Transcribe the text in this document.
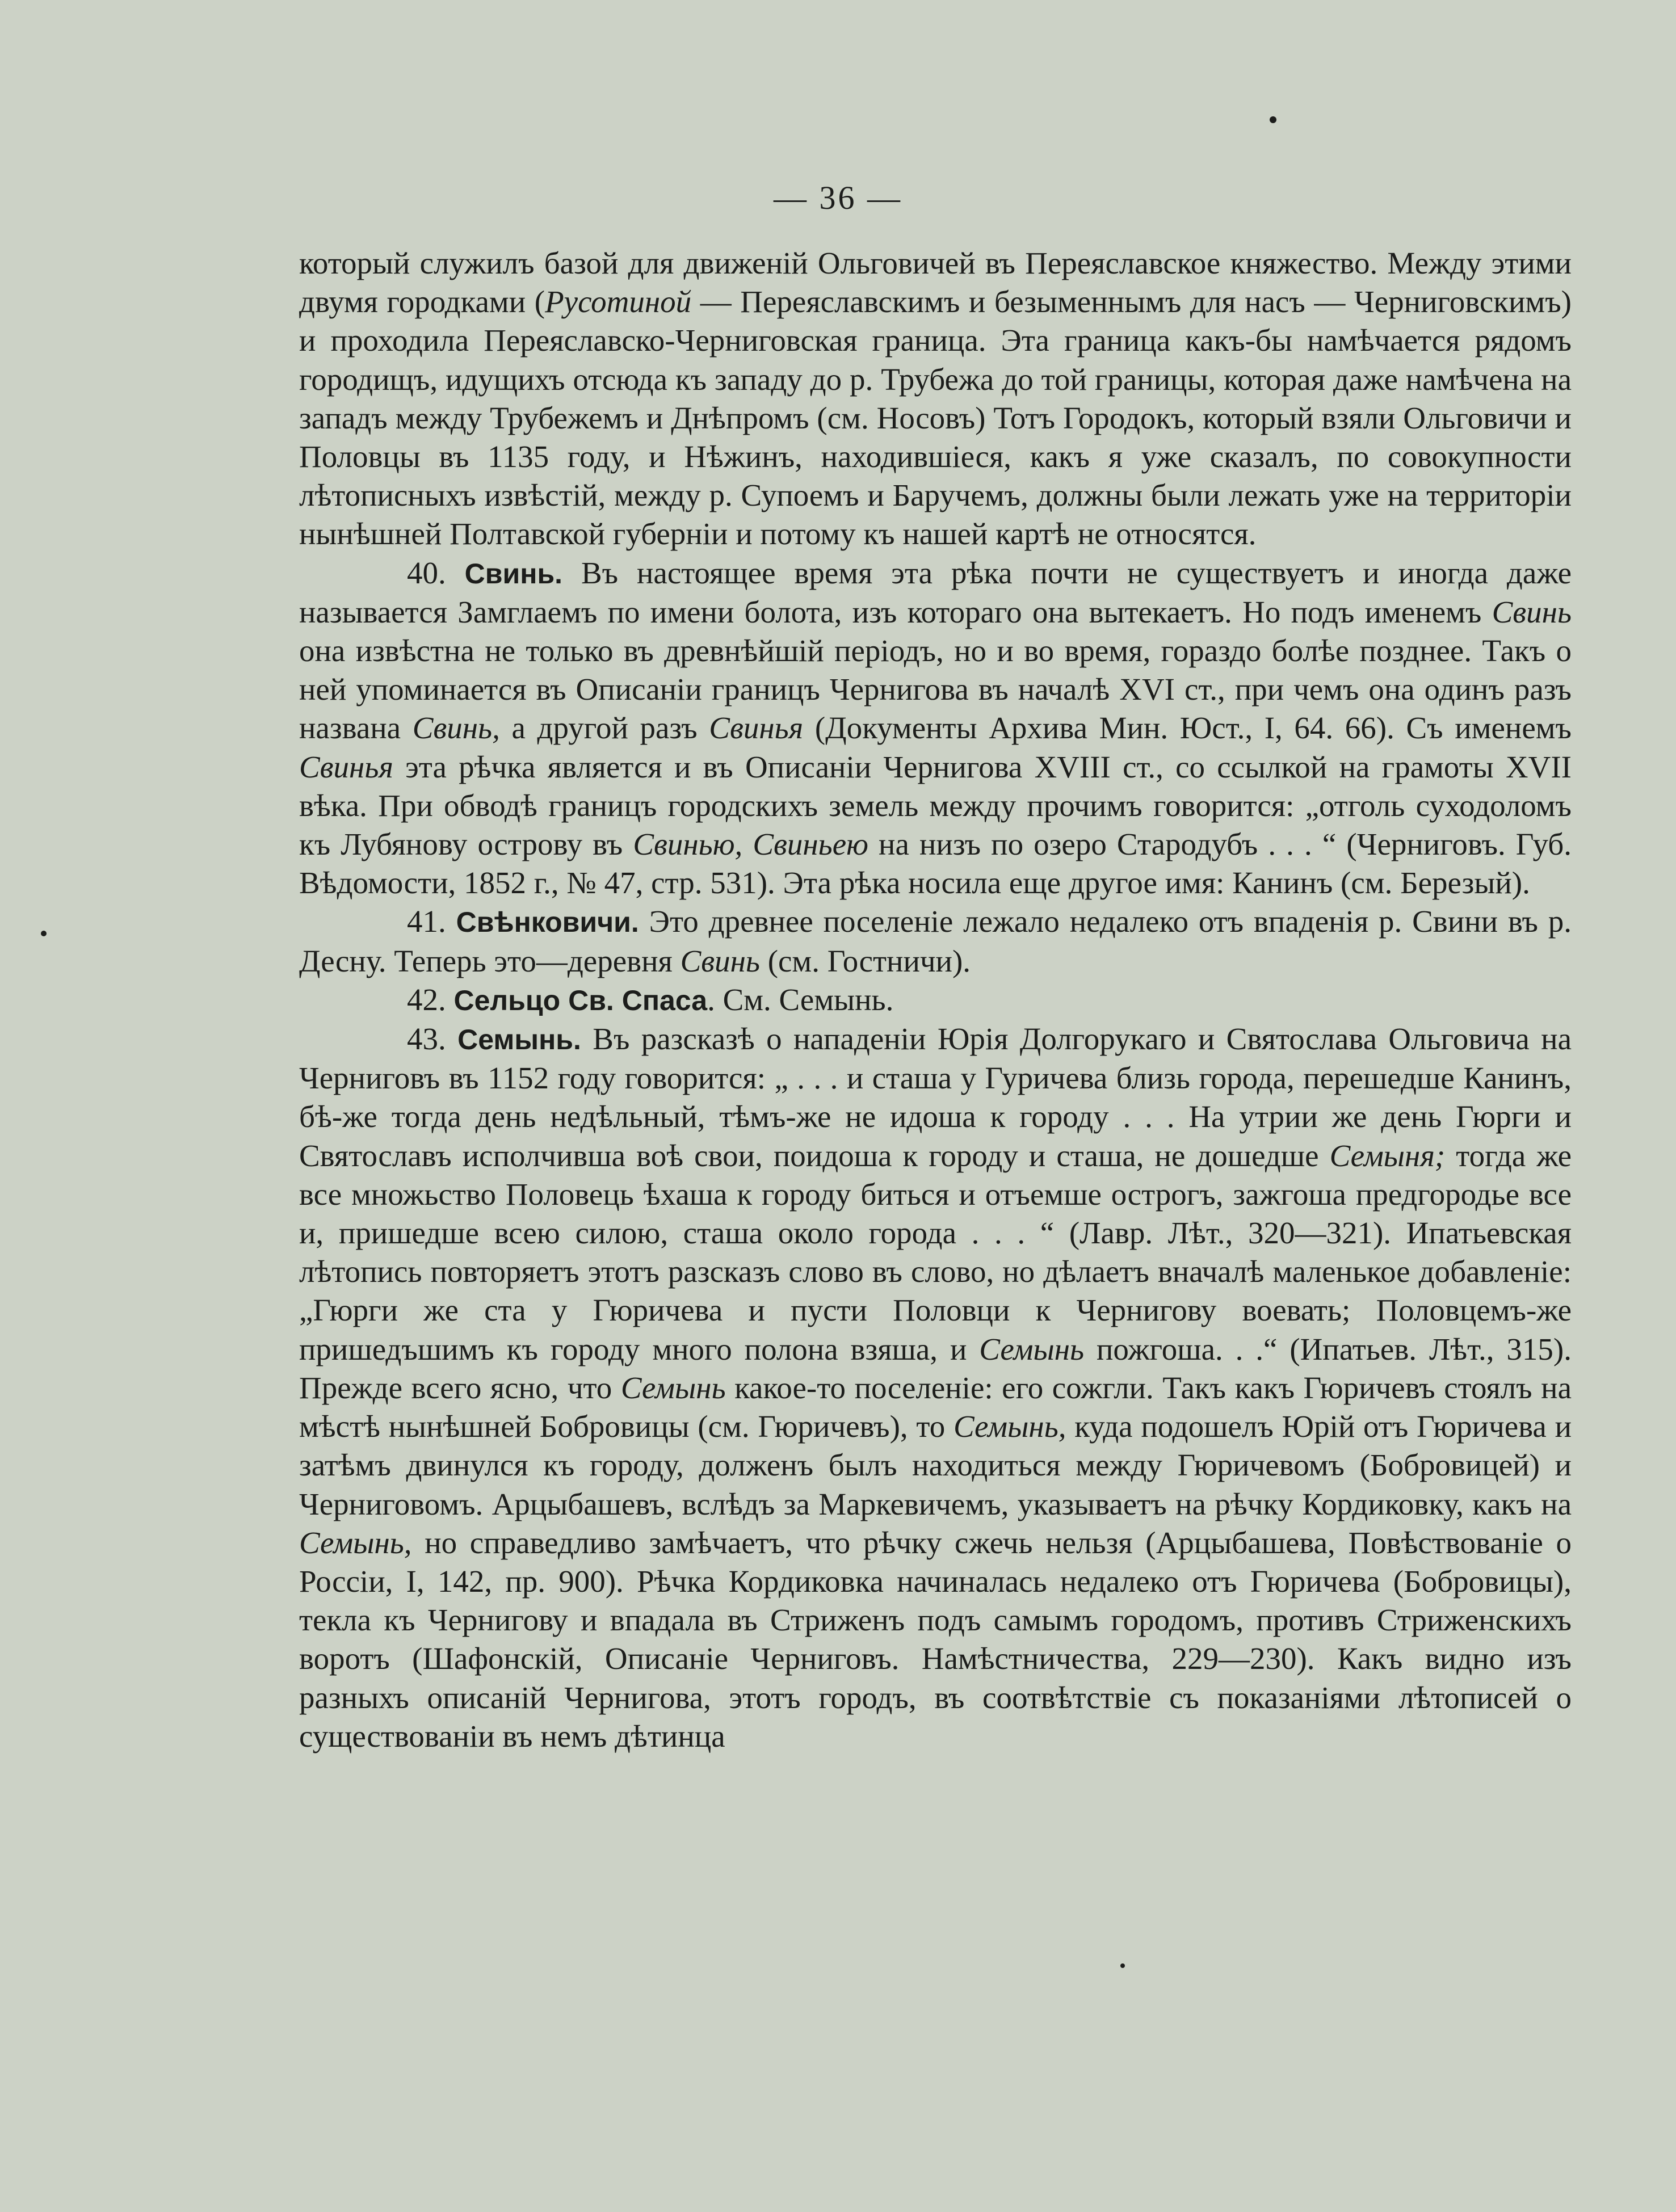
— 36 —

который служилъ базой для движеній Ольговичей въ Переяславское княжество. Между этими двумя городками (Русотиной — Переяславскимъ и безыменнымъ для насъ — Черниговскимъ) и проходила Переяславско-Черниговская граница. Эта граница какъ-бы намѣчается рядомъ городищъ, идущихъ отсюда къ западу до р. Трубежа до той границы, которая даже намѣчена на западъ между Трубежемъ и Днѣпромъ (см. Носовъ) Тотъ Городокъ, который взяли Ольговичи и Половцы въ 1135 году, и Нѣжинъ, находившіеся, какъ я уже сказалъ, по совокупности лѣтописныхъ извѣстій, между р. Супоемъ и Баручемъ, должны были лежать уже на территоріи нынѣшней Полтавской губерніи и потому къ нашей картѣ не относятся.

40. Свинь. Въ настоящее время эта рѣка почти не существуетъ и иногда даже называется Замглаемъ по имени болота, изъ котораго она вытекаетъ. Но подъ именемъ Свинь она извѣстна не только въ древнѣйшій періодъ, но и во время, гораздо болѣе позднее. Такъ о ней упоминается въ Описаніи границъ Чернигова въ началѣ XVI ст., при чемъ она одинъ разъ названа Свинь, а другой разъ Свинья (Документы Архива Мин. Юст., I, 64. 66). Съ именемъ Свинья эта рѣчка является и въ Описаніи Чернигова XVIII ст., со ссылкой на грамоты XVII вѣка. При обводѣ границъ городскихъ земель между прочимъ говорится: „отголь суходоломъ къ Лубянову острову въ Свинью, Свиньею на низъ по озеро Стародубъ . . . “ (Черниговъ. Губ. Вѣдомости, 1852 г., № 47, стр. 531). Эта рѣка носила еще другое имя: Канинъ (см. Березый).

41. Свѣнковичи. Это древнее поселеніе лежало недалеко отъ впаденія р. Свини въ р. Десну. Теперь это—деревня Свинь (см. Гостничи).

42. Сельцо Св. Спаса. См. Семынь.

43. Семынь. Въ разсказѣ о нападеніи Юрія Долгорукаго и Святослава Ольговича на Черниговъ въ 1152 году говорится: „ . . . и сташа у Гуричева близь города, перешедше Канинъ, бѣ-же тогда день недѣльный, тѣмъ-же не идоша к городу . . . На утрии же день Гюрги и Святославъ исполчивша воѣ свои, поидоша к городу и сташа, не дошедше Семыня; тогда же все множьство Половець ѣхаша к городу биться и отъемше острогъ, зажгоша предгородье все и, пришедше всею силою, сташа около города . . . “ (Лавр. Лѣт., 320—321). Ипатьевская лѣтопись повторяетъ этотъ разсказъ слово въ слово, но дѣлаетъ вначалѣ маленькое добавленіе: „Гюрги же ста у Гюричева и пусти Половци к Чернигову воевать; Половцемъ-же пришедъшимъ къ городу много полона взяша, и Семынь пожгоша. . .“ (Ипатьев. Лѣт., 315). Прежде всего ясно, что Семынь какое-то поселеніе: его сожгли. Такъ какъ Гюричевъ стоялъ на мѣстѣ нынѣшней Бобровицы (см. Гюричевъ), то Семынь, куда подошелъ Юрій отъ Гюричева и затѣмъ двинулся къ городу, долженъ былъ находиться между Гюричевомъ (Бобровицей) и Черниговомъ. Арцыбашевъ, вслѣдъ за Маркевичемъ, указываетъ на рѣчку Кордиковку, какъ на Семынь, но справедливо замѣчаетъ, что рѣчку сжечь нельзя (Арцыбашева, Повѣствованіе о Россіи, I, 142, пр. 900). Рѣчка Кордиковка начиналась недалеко отъ Гюричева (Бобровицы), текла къ Чернигову и впадала въ Стриженъ подъ самымъ городомъ, противъ Стриженскихъ воротъ (Шафонскій, Описаніе Черниговъ. Намѣстничества, 229—230). Какъ видно изъ разныхъ описаній Чернигова, этотъ городъ, въ соотвѣтствіе съ показаніями лѣтописей о существованіи въ немъ дѣтинца
